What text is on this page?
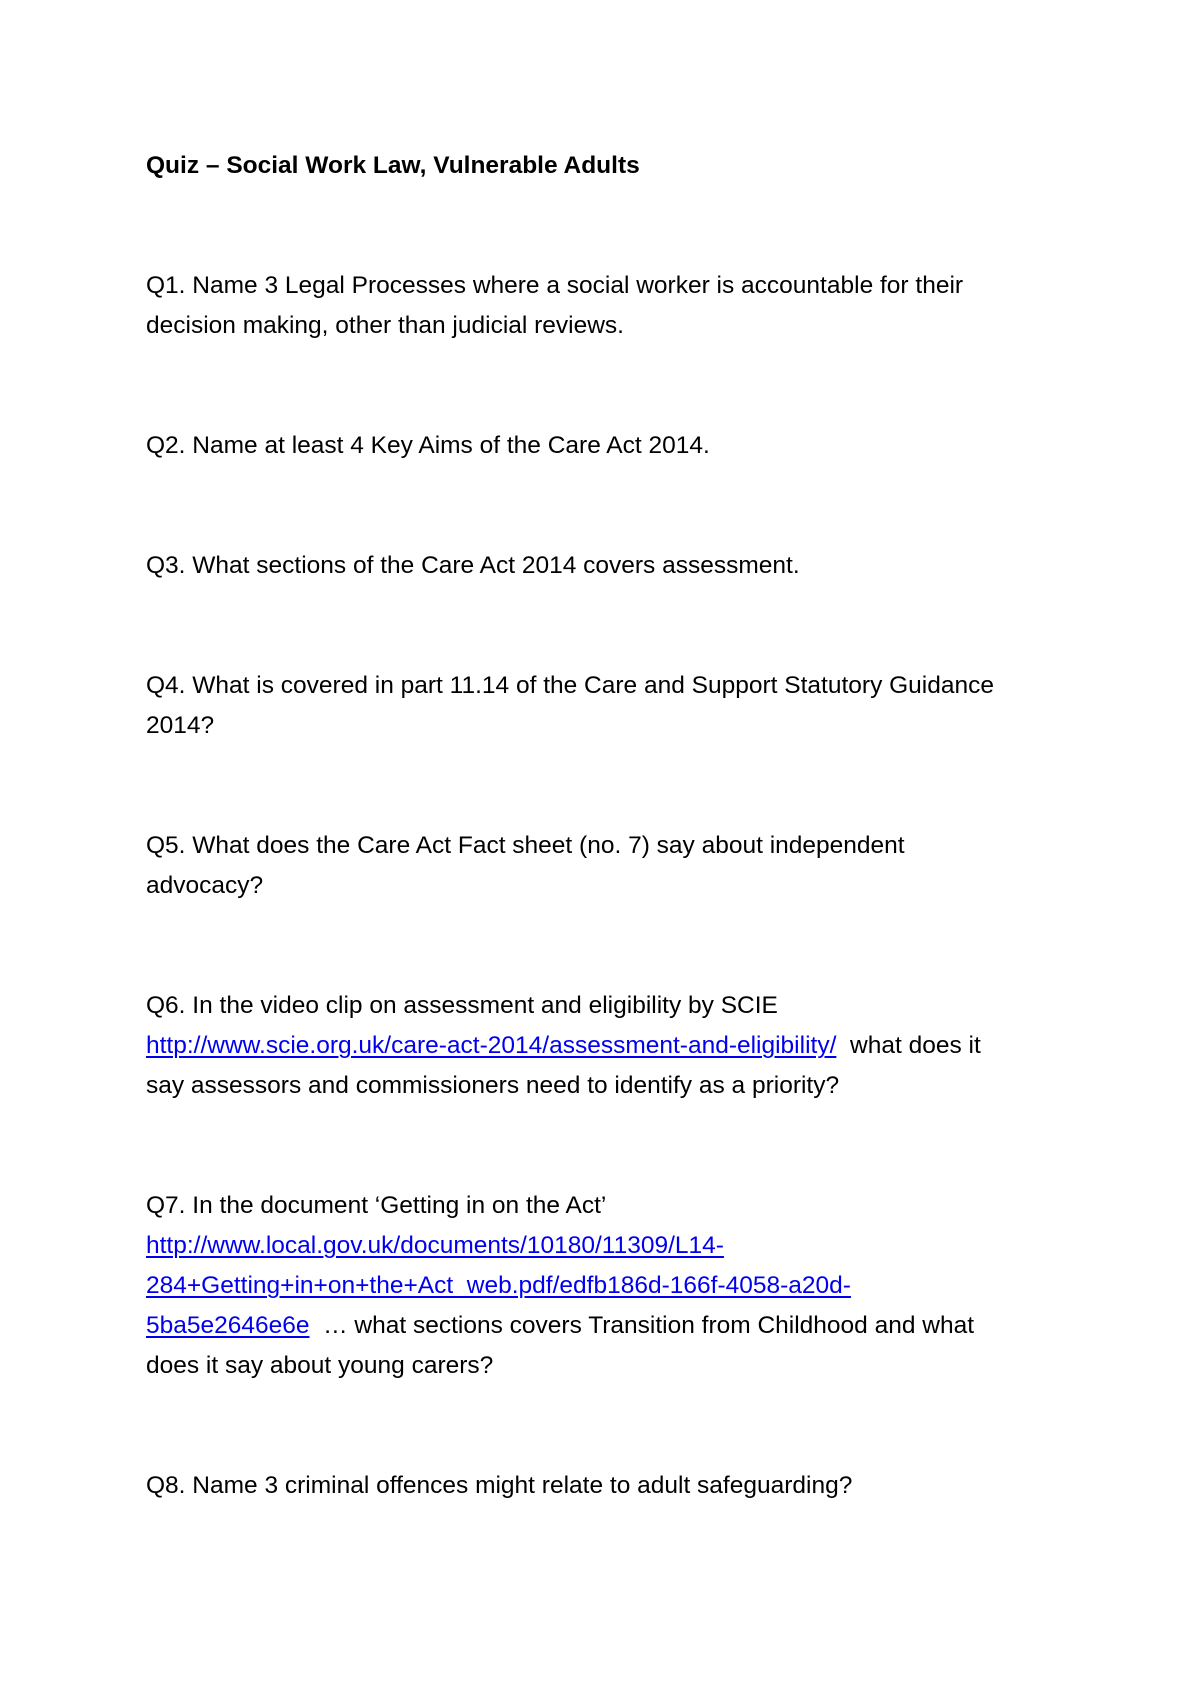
Quiz – Social Work Law, Vulnerable Adults
Q1. Name 3 Legal Processes where a social worker is accountable for their
decision making, other than judicial reviews.
Q2. Name at least 4 Key Aims of the Care Act 2014.
Q3. What sections of the Care Act 2014 covers assessment.
Q4. What is covered in part 11.14 of the Care and Support Statutory Guidance
2014?
Q5. What does the Care Act Fact sheet (no. 7) say about independent
advocacy?
Q6. In the video clip on assessment and eligibility by SCIE
http://www.scie.org.uk/care-act-2014/assessment-and-eligibility/  what does it
say assessors and commissioners need to identify as a priority?
Q7. In the document ‘Getting in on the Act’
http://www.local.gov.uk/documents/10180/11309/L14-
284+Getting+in+on+the+Act_web.pdf/edfb186d-166f-4058-a20d-
5ba5e2646e6e  … what sections covers Transition from Childhood and what
does it say about young carers?
Q8. Name 3 criminal offences might relate to adult safeguarding?
